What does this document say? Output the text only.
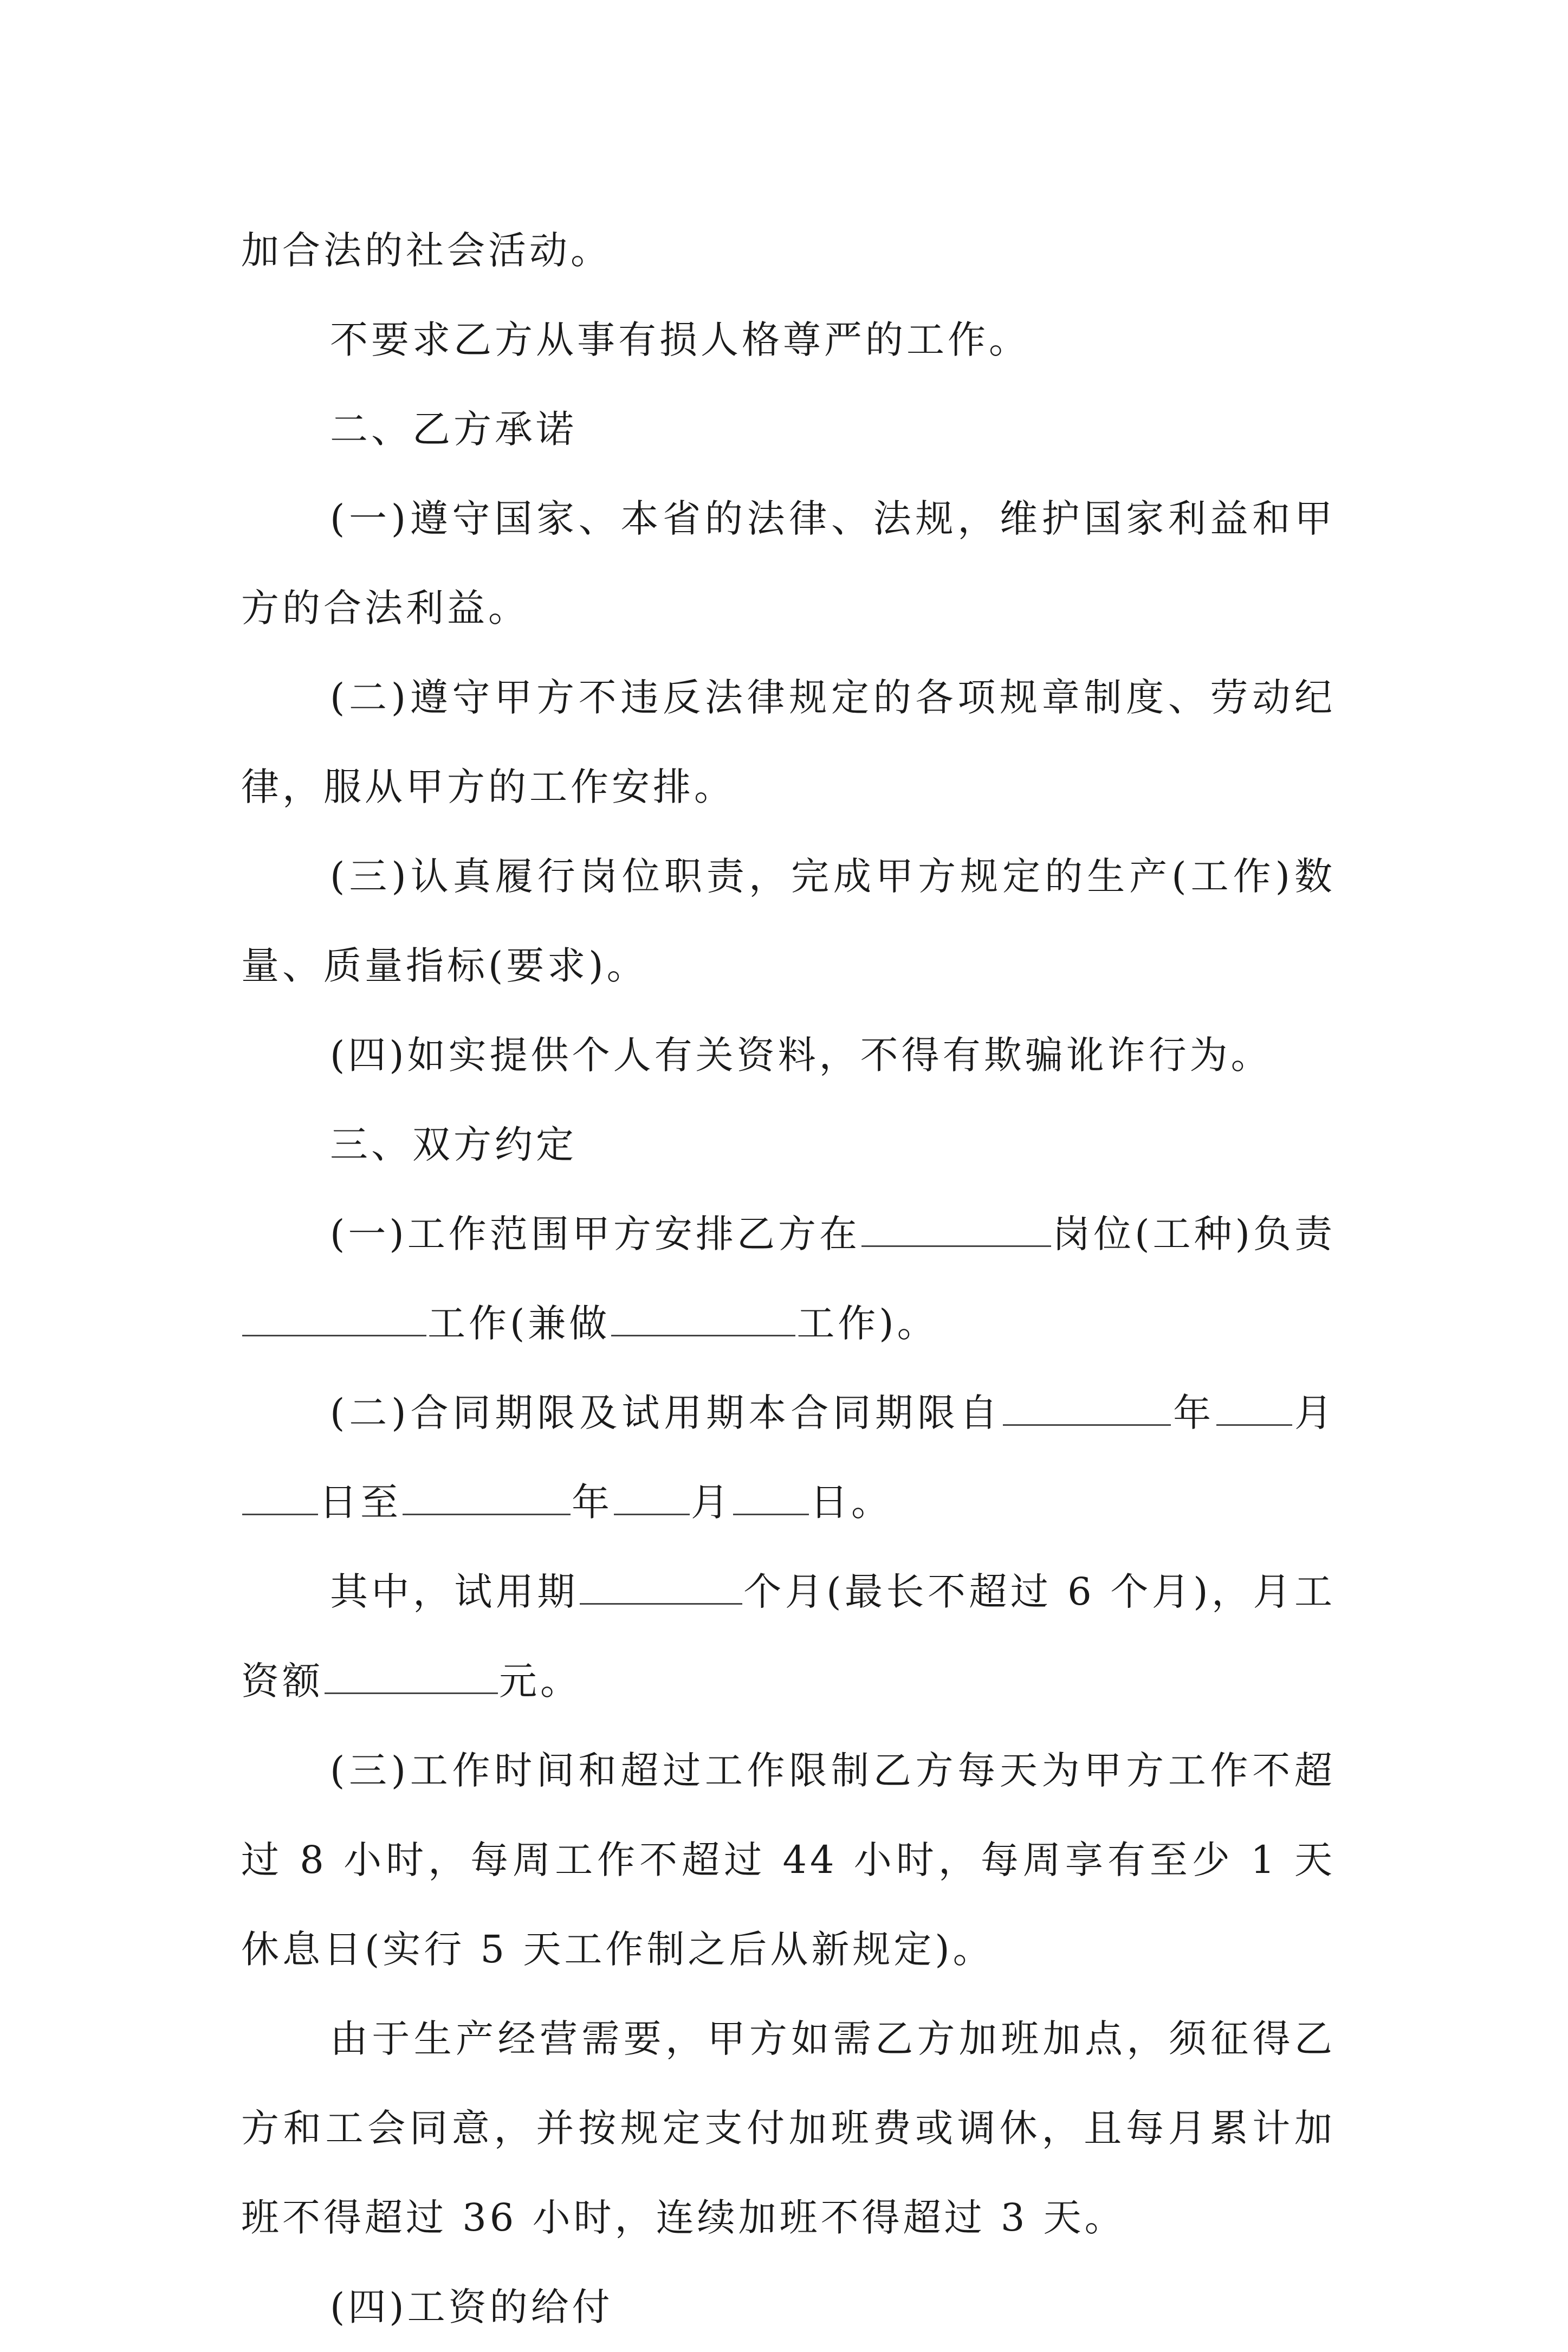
加合法的社会活动。

不要求乙方从事有损人格尊严的工作。

二、乙方承诺

(一)遵守国家、本省的法律、法规，维护国家利益和甲方的合法利益。

(二)遵守甲方不违反法律规定的各项规章制度、劳动纪律，服从甲方的工作安排。

(三)认真履行岗位职责，完成甲方规定的生产(工作)数量、质量指标(要求)。

(四)如实提供个人有关资料，不得有欺骗讹诈行为。

三、双方约定

(一)工作范围甲方安排乙方在	岗位(工种)负责工作(兼做	工作)。

(二)合同期限及试用期本合同期限自	年 月日至	年 月 日。

其中，试用期	个月(最长不超过 6 个月)，月工资额	元。

(三)工作时间和超过工作限制乙方每天为甲方工作不超过 8 小时，每周工作不超过 44 小时，每周享有至少 1 天休息日(实行 5 天工作制之后从新规定)。

由于生产经营需要，甲方如需乙方加班加点，须征得乙方和工会同意，并按规定支付加班费或调休，且每月累计加班不得超过 36 小时，连续加班不得超过 3 天。

(四)工资的给付
